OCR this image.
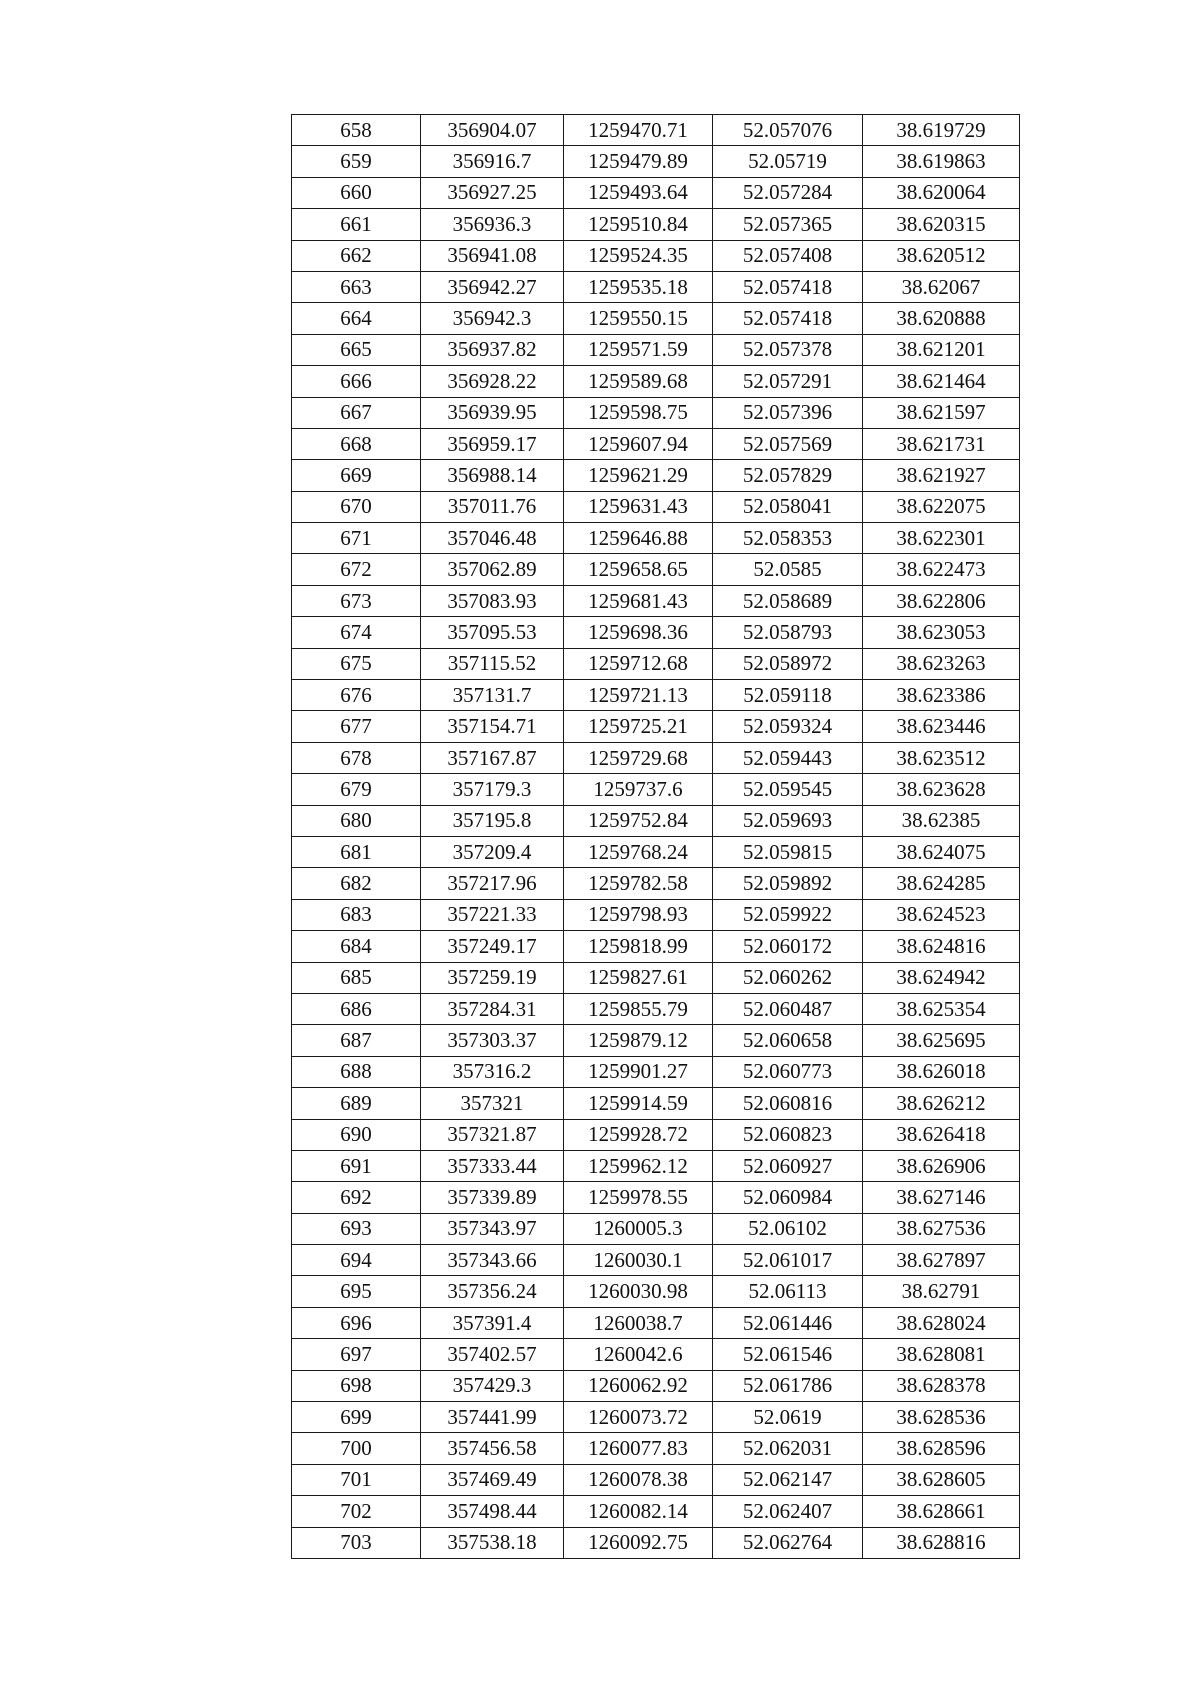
658	356904.07	1259470.71	52.057076	38.619729
659	356916.7	1259479.89	52.05719	38.619863
660	356927.25	1259493.64	52.057284	38.620064
661	356936.3	1259510.84	52.057365	38.620315
662	356941.08	1259524.35	52.057408	38.620512
663	356942.27	1259535.18	52.057418	38.62067
664	356942.3	1259550.15	52.057418	38.620888
665	356937.82	1259571.59	52.057378	38.621201
666	356928.22	1259589.68	52.057291	38.621464
667	356939.95	1259598.75	52.057396	38.621597
668	356959.17	1259607.94	52.057569	38.621731
669	356988.14	1259621.29	52.057829	38.621927
670	357011.76	1259631.43	52.058041	38.622075
671	357046.48	1259646.88	52.058353	38.622301
672	357062.89	1259658.65	52.0585	38.622473
673	357083.93	1259681.43	52.058689	38.622806
674	357095.53	1259698.36	52.058793	38.623053
675	357115.52	1259712.68	52.058972	38.623263
676	357131.7	1259721.13	52.059118	38.623386
677	357154.71	1259725.21	52.059324	38.623446
678	357167.87	1259729.68	52.059443	38.623512
679	357179.3	1259737.6	52.059545	38.623628
680	357195.8	1259752.84	52.059693	38.62385
681	357209.4	1259768.24	52.059815	38.624075
682	357217.96	1259782.58	52.059892	38.624285
683	357221.33	1259798.93	52.059922	38.624523
684	357249.17	1259818.99	52.060172	38.624816
685	357259.19	1259827.61	52.060262	38.624942
686	357284.31	1259855.79	52.060487	38.625354
687	357303.37	1259879.12	52.060658	38.625695
688	357316.2	1259901.27	52.060773	38.626018
689	357321	1259914.59	52.060816	38.626212
690	357321.87	1259928.72	52.060823	38.626418
691	357333.44	1259962.12	52.060927	38.626906
692	357339.89	1259978.55	52.060984	38.627146
693	357343.97	1260005.3	52.06102	38.627536
694	357343.66	1260030.1	52.061017	38.627897
695	357356.24	1260030.98	52.06113	38.62791
696	357391.4	1260038.7	52.061446	38.628024
697	357402.57	1260042.6	52.061546	38.628081
698	357429.3	1260062.92	52.061786	38.628378
699	357441.99	1260073.72	52.0619	38.628536
700	357456.58	1260077.83	52.062031	38.628596
701	357469.49	1260078.38	52.062147	38.628605
702	357498.44	1260082.14	52.062407	38.628661
703	357538.18	1260092.75	52.062764	38.628816
